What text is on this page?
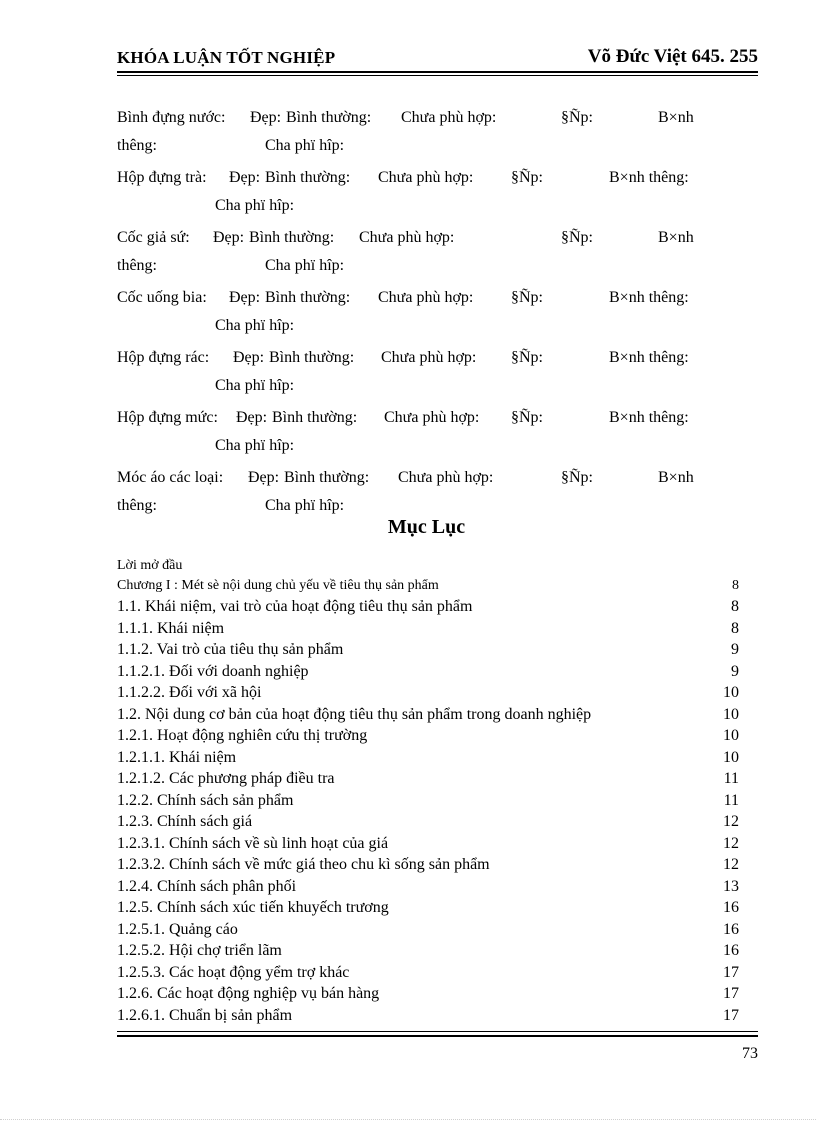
KHÓA LUẬN TỐT NGHIỆP	Võ Đức Việt 645. 255
Bình đựng nước: Đẹp: Bình thường: Chưa phù hợp:	§Ñp:	B×nh
thêng:	Cha phï hîp:
Hộp đựng trà: Đẹp: Bình thường: Chưa phù hợp: §Ñp:	B×nh thêng:
Cha phï hîp:
Cốc giả sứ: Đẹp: Bình thường: Chưa phù hợp:	§Ñp:	B×nh
thêng:	Cha phï hîp:
Cốc uống bia: Đẹp: Bình thường: Chưa phù hợp: §Ñp:	B×nh thêng:
Cha phï hîp:
Hộp đựng rác: Đẹp: Bình thường: Chưa phù hợp: §Ñp:	B×nh thêng:
Cha phï hîp:
Hộp đựng mức: Đẹp: Bình thường: Chưa phù hợp: §Ñp:	B×nh thêng:
Cha phï hîp:
Móc áo các loại: Đẹp: Bình thường: Chưa phù hợp:	§Ñp:	B×nh
thêng:	Cha phï hîp:
Mục Lục
Lời mở đầu
Chương I : Mét sè nội dung chủ yếu về tiêu thụ sản phẩm	8
1.1. Khái niệm, vai trò của hoạt động tiêu thụ sản phẩm	8
1.1.1. Khái niệm	8
1.1.2. Vai trò của tiêu thụ sản phẩm	9
1.1.2.1. Đối với doanh nghiệp	9
1.1.2.2. Đối với xã hội	10
1.2. Nội dung cơ bản của hoạt động tiêu thụ sản phẩm trong doanh nghiệp	10
1.2.1. Hoạt động nghiên cứu thị trường	10
1.2.1.1. Khái niệm	10
1.2.1.2. Các phương pháp điều tra	11
1.2.2. Chính sách sản phẩm	11
1.2.3. Chính sách giá	12
1.2.3.1. Chính sách về sù linh hoạt của giá	12
1.2.3.2. Chính sách về mức giá theo chu kì sống sản phẩm	12
1.2.4. Chính sách phân phối	13
1.2.5. Chính sách xúc tiến khuyếch trương	16
1.2.5.1. Quảng cáo	16
1.2.5.2. Hội chợ triển lãm	16
1.2.5.3. Các hoạt động yểm trợ khác	17
1.2.6. Các hoạt động nghiệp vụ bán hàng	17
1.2.6.1. Chuẩn bị sản phẩm	17
73
